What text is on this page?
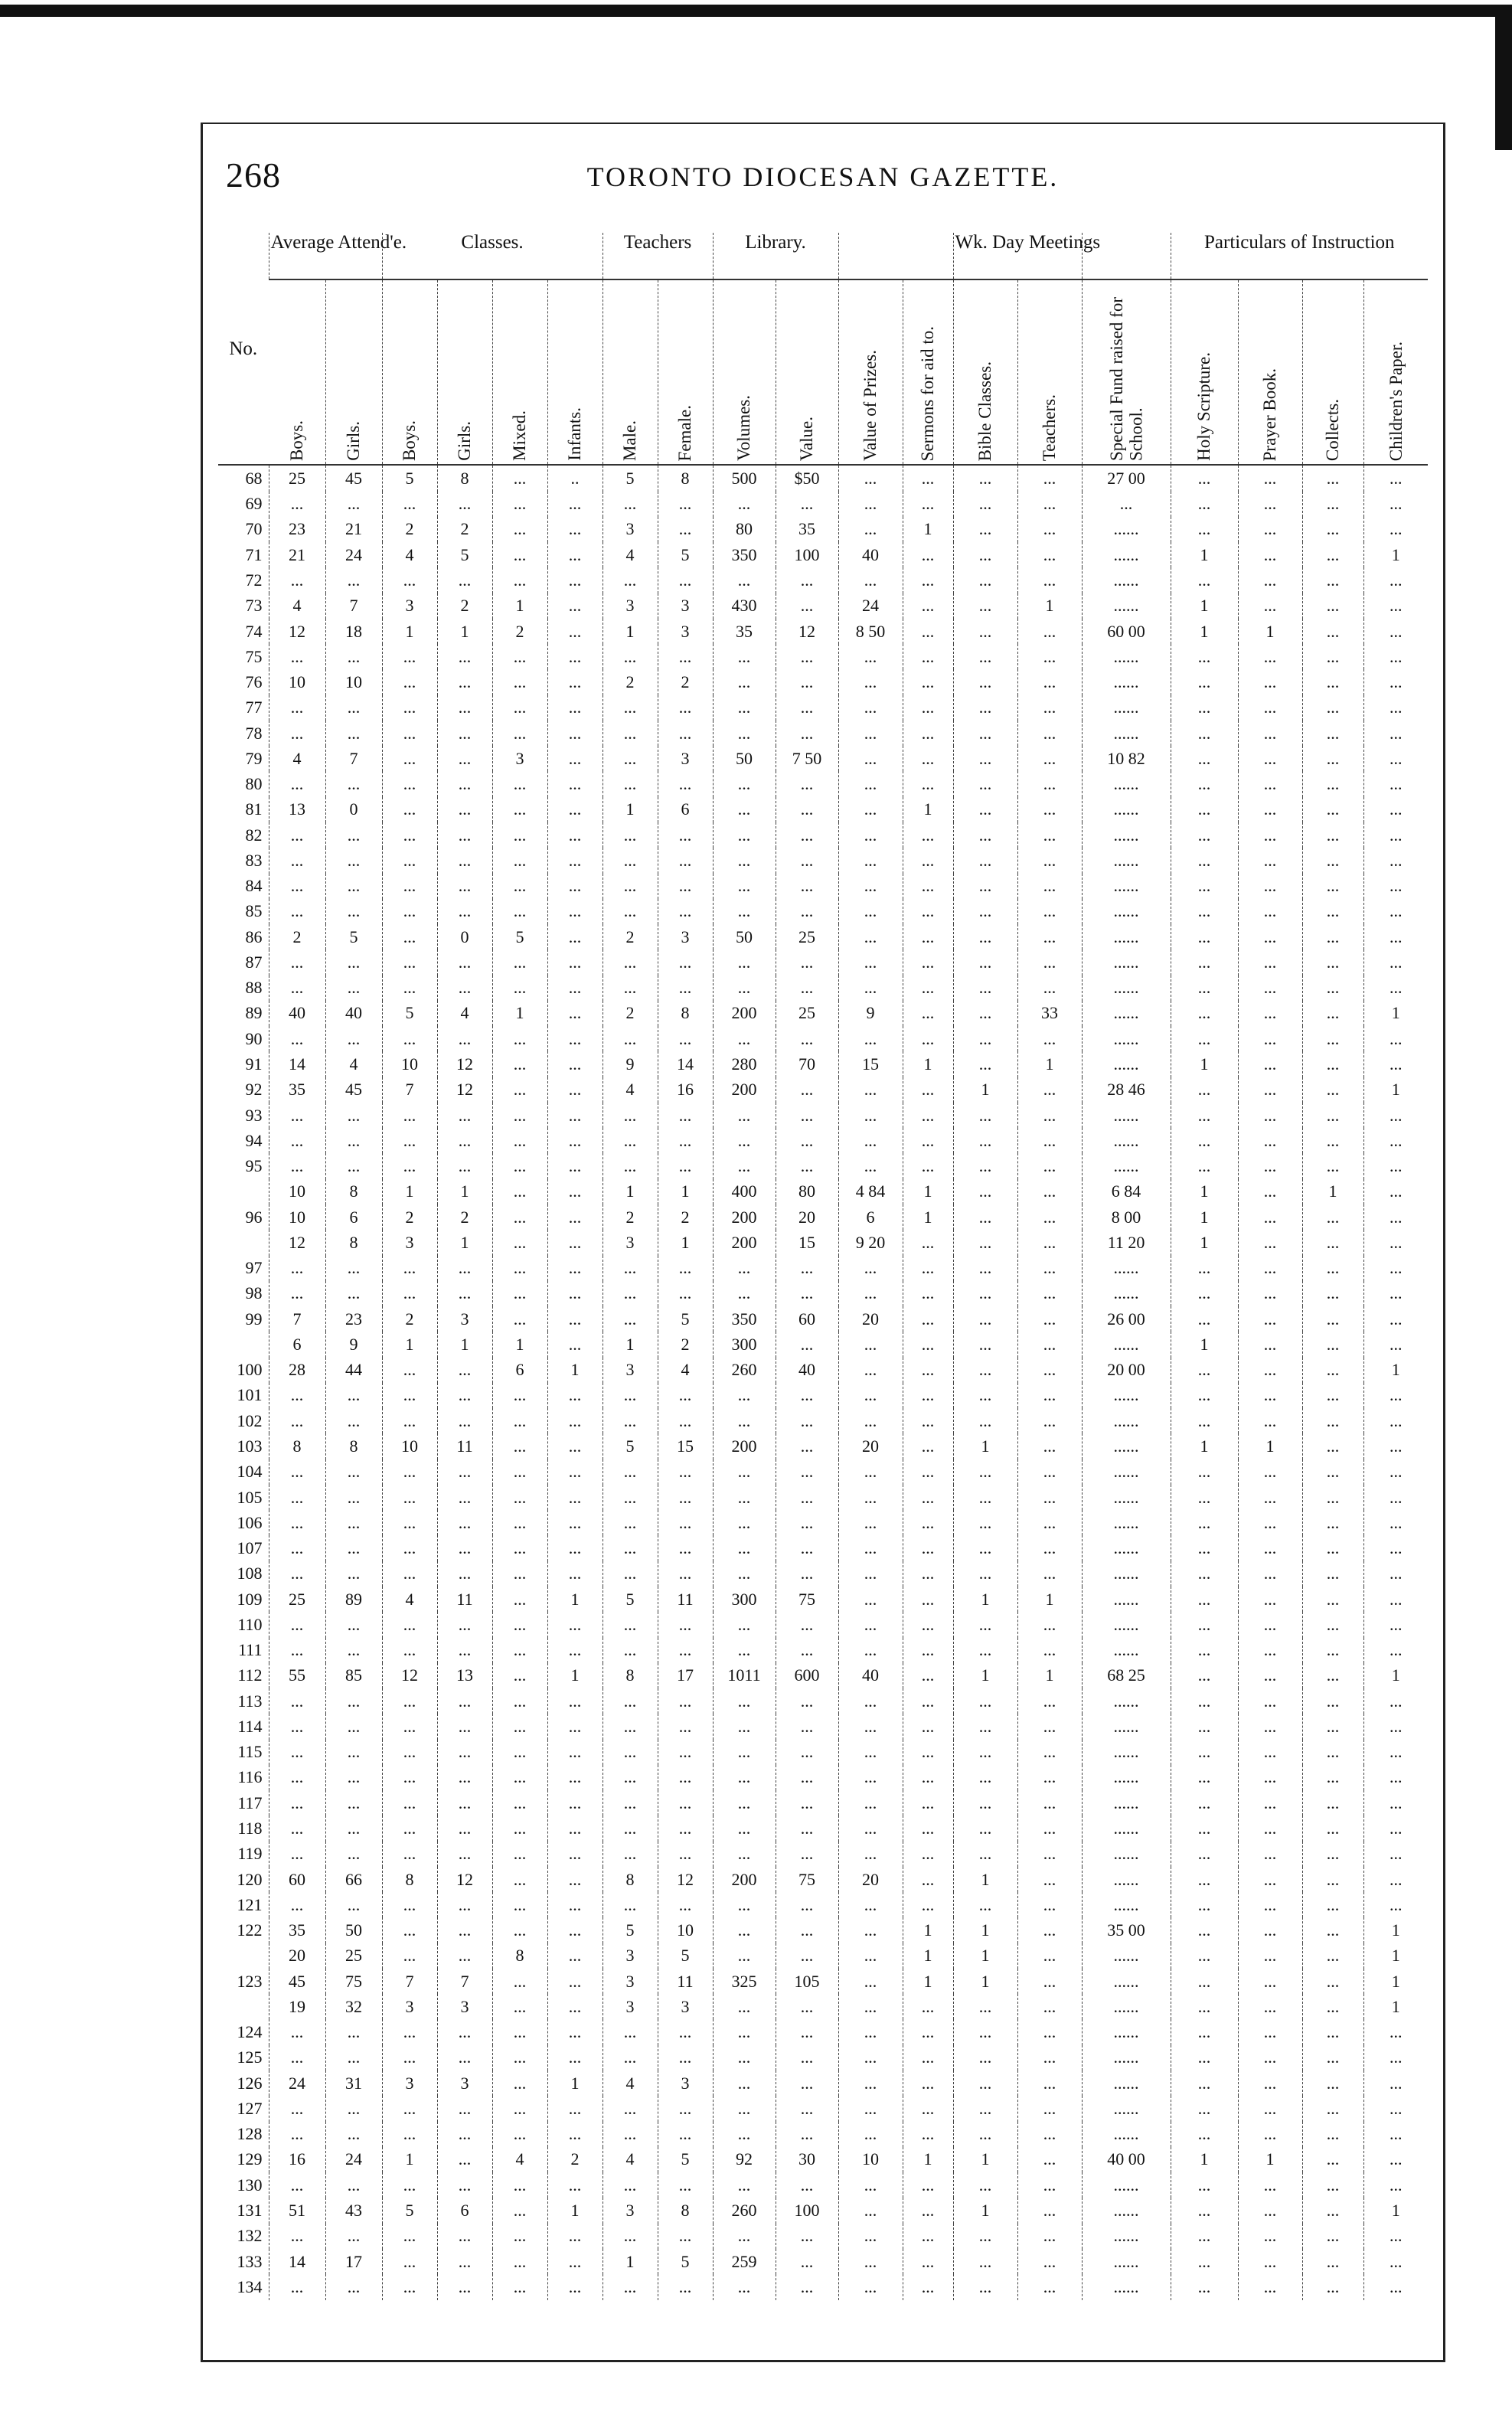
268	TORONTO DIOCESAN GAZETTE.
No.	Average Attend'e.		Classes.				Teachers		Library.				Wk. Day Meetings			Particulars of Instruction			
	Boys.	Girls.	Boys.	Girls.	Mixed.	Infants.	Male.	Female.	Volumes.	Value.	Value of Prizes.	Sermons for aid to.	Bible Classes.	Teachers.	Special Fund raised for School.	Holy Scripture.	Prayer Book.	Collects.	Children's Paper.
68	25	45	5	8	...	..	5	8	500	$50	...	...	...	...	27 00	...	...	...	...
69	...	...	...	...	...	...	...	...	...	...	...	...	...	...	...	...	...	...	...
70	23	21	2	2	...	...	3	...	80	35	...	1	...	...	......	...	...	...	...
71	21	24	4	5	...	...	4	5	350	100	40	...	...	...	......	1	...	...	1
72	...	...	...	...	...	...	...	...	...	...	...	...	...	...	......	...	...	...	...
73	4	7	3	2	1	...	3	3	430	...	24	...	...	1	......	1	...	...	...
74	12	18	1	1	2	...	1	3	35	12	8 50	...	...	...	60 00	1	1	...	...
75	...	...	...	...	...	...	...	...	...	...	...	...	...	...	......	...	...	...	...
76	10	10	...	...	...	...	2	2	...	...	...	...	...	...	......	...	...	...	...
77	...	...	...	...	...	...	...	...	...	...	...	...	...	...	......	...	...	...	...
78	...	...	...	...	...	...	...	...	...	...	...	...	...	...	......	...	...	...	...
79	4	7	...	...	3	...	...	3	50	7 50	...	...	...	...	10 82	...	...	...	...
80	...	...	...	...	...	...	...	...	...	...	...	...	...	...	......	...	...	...	...
81	13	0	...	...	...	...	1	6	...	...	...	1	...	...	......	...	...	...	...
82	...	...	...	...	...	...	...	...	...	...	...	...	...	...	......	...	...	...	...
83	...	...	...	...	...	...	...	...	...	...	...	...	...	...	......	...	...	...	...
84	...	...	...	...	...	...	...	...	...	...	...	...	...	...	......	...	...	...	...
85	...	...	...	...	...	...	...	...	...	...	...	...	...	...	......	...	...	...	...
86	2	5	...	0	5	...	2	3	50	25	...	...	...	...	......	...	...	...	...
87	...	...	...	...	...	...	...	...	...	...	...	...	...	...	......	...	...	...	...
88	...	...	...	...	...	...	...	...	...	...	...	...	...	...	......	...	...	...	...
89	40	40	5	4	1	...	2	8	200	25	9	...	...	33	......	...	...	...	1
90	...	...	...	...	...	...	...	...	...	...	...	...	...	...	......	...	...	...	...
91	14	4	10	12	...	...	9	14	280	70	15	1	...	1	......	1	...	...	...
92	35	45	7	12	...	...	4	16	200	...	...	...	1	...	28 46	...	...	...	1
93	...	...	...	...	...	...	...	...	...	...	...	...	...	...	......	...	...	...	...
94	...	...	...	...	...	...	...	...	...	...	...	...	...	...	......	...	...	...	...
95	...	...	...	...	...	...	...	...	...	...	...	...	...	...	......	...	...	...	...
	10	8	1	1	...	...	1	1	400	80	4 84	1	...	...	6 84	1	...	1	...
96	10	6	2	2	...	...	2	2	200	20	6	1	...	...	8 00	1	...	...	...
	12	8	3	1	...	...	3	1	200	15	9 20	...	...	...	11 20	1	...	...	...
97	...	...	...	...	...	...	...	...	...	...	...	...	...	...	......	...	...	...	...
98	...	...	...	...	...	...	...	...	...	...	...	...	...	...	......	...	...	...	...
99	7	23	2	3	...	...	...	5	350	60	20	...	...	...	26 00	...	...	...	...
	6	9	1	1	1	...	1	2	300	...	...	...	...	...	......	1	...	...	...
100	28	44	...	...	6	1	3	4	260	40	...	...	...	...	20 00	...	...	...	1
101	...	...	...	...	...	...	...	...	...	...	...	...	...	...	......	...	...	...	...
102	...	...	...	...	...	...	...	...	...	...	...	...	...	...	......	...	...	...	...
103	8	8	10	11	...	...	5	15	200	...	20	...	1	...	......	1	1	...	...
104	...	...	...	...	...	...	...	...	...	...	...	...	...	...	......	...	...	...	...
105	...	...	...	...	...	...	...	...	...	...	...	...	...	...	......	...	...	...	...
106	...	...	...	...	...	...	...	...	...	...	...	...	...	...	......	...	...	...	...
107	...	...	...	...	...	...	...	...	...	...	...	...	...	...	......	...	...	...	...
108	...	...	...	...	...	...	...	...	...	...	...	...	...	...	......	...	...	...	...
109	25	89	4	11	...	1	5	11	300	75	...	...	1	1	......	...	...	...	...
110	...	...	...	...	...	...	...	...	...	...	...	...	...	...	......	...	...	...	...
111	...	...	...	...	...	...	...	...	...	...	...	...	...	...	......	...	...	...	...
112	55	85	12	13	...	1	8	17	1011	600	40	...	1	1	68 25	...	...	...	1
113	...	...	...	...	...	...	...	...	...	...	...	...	...	...	......	...	...	...	...
114	...	...	...	...	...	...	...	...	...	...	...	...	...	...	......	...	...	...	...
115	...	...	...	...	...	...	...	...	...	...	...	...	...	...	......	...	...	...	...
116	...	...	...	...	...	...	...	...	...	...	...	...	...	...	......	...	...	...	...
117	...	...	...	...	...	...	...	...	...	...	...	...	...	...	......	...	...	...	...
118	...	...	...	...	...	...	...	...	...	...	...	...	...	...	......	...	...	...	...
119	...	...	...	...	...	...	...	...	...	...	...	...	...	...	......	...	...	...	...
120	60	66	8	12	...	...	8	12	200	75	20	...	1	...	......	...	...	...	...
121	...	...	...	...	...	...	...	...	...	...	...	...	...	...	......	...	...	...	...
122	35	50	...	...	...	...	5	10	...	...	...	1	1	...	35 00	...	...	...	1
	20	25	...	...	8	...	3	5	...	...	...	1	1	...	......	...	...	...	1
123	45	75	7	7	...	...	3	11	325	105	...	1	1	...	......	...	...	...	1
	19	32	3	3	...	...	3	3	...	...	...	...	...	...	......	...	...	...	1
124	...	...	...	...	...	...	...	...	...	...	...	...	...	...	......	...	...	...	...
125	...	...	...	...	...	...	...	...	...	...	...	...	...	...	......	...	...	...	...
126	24	31	3	3	...	1	4	3	...	...	...	...	...	...	......	...	...	...	...
127	...	...	...	...	...	...	...	...	...	...	...	...	...	...	......	...	...	...	...
128	...	...	...	...	...	...	...	...	...	...	...	...	...	...	......	...	...	...	...
129	16	24	1	...	4	2	4	5	92	30	10	1	1	...	40 00	1	1	...	...
130	...	...	...	...	...	...	...	...	...	...	...	...	...	...	......	...	...	...	...
131	51	43	5	6	...	1	3	8	260	100	...	...	1	...	......	...	...	...	1
132	...	...	...	...	...	...	...	...	...	...	...	...	...	...	......	...	...	...	...
133	14	17	...	...	...	...	1	5	259	...	...	...	...	...	......	...	...	...	...
134	...	...	...	...	...	...	...	...	...	...	...	...	...	...	......	...	...	...	...
